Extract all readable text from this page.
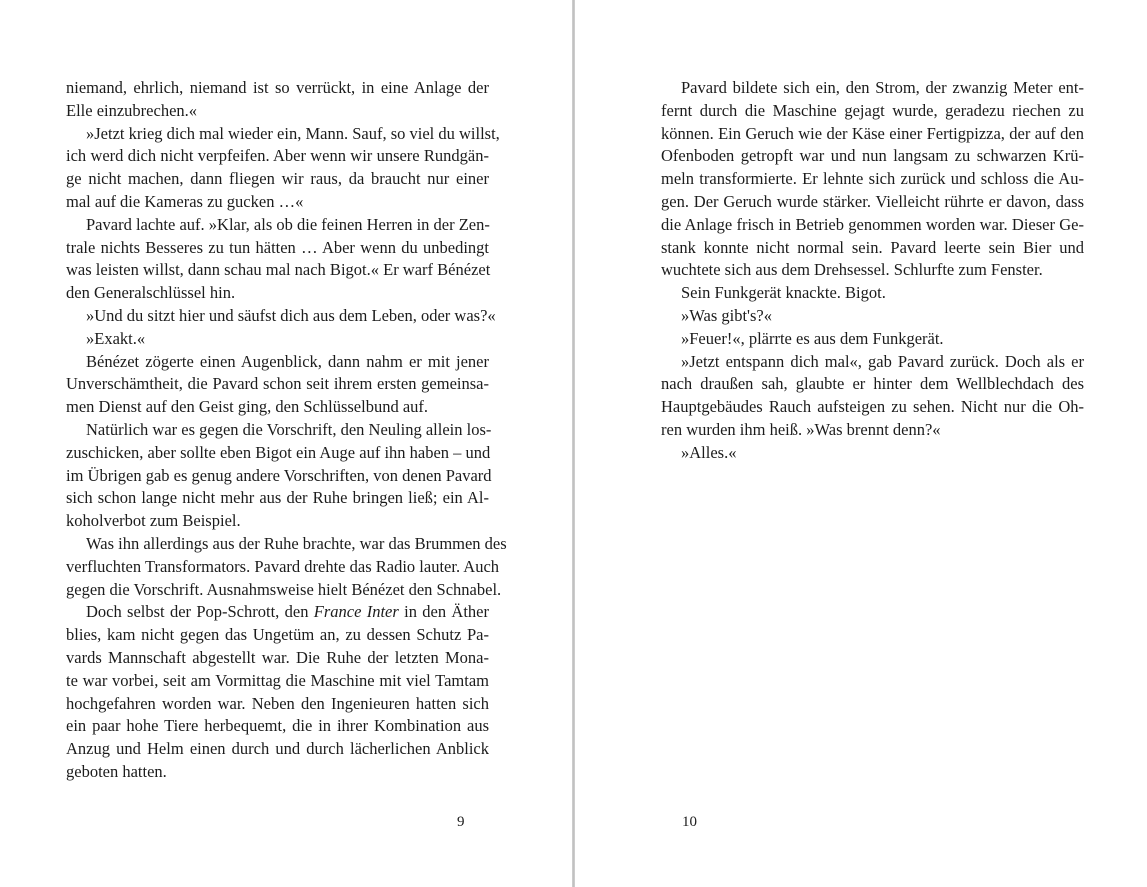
niemand, ehrlich, niemand ist so verrückt, in eine Anlage der
Elle einzubrechen.«
»Jetzt krieg dich mal wieder ein, Mann. Sauf, so viel du willst,
ich werd dich nicht verpfeifen. Aber wenn wir unsere Rundgän-
ge nicht machen, dann fliegen wir raus, da braucht nur einer
mal auf die Kameras zu gucken …«
Pavard lachte auf. »Klar, als ob die feinen Herren in der Zen-
trale nichts Besseres zu tun hätten … Aber wenn du unbedingt
was leisten willst, dann schau mal nach Bigot.« Er warf Bénézet
den Generalschlüssel hin.
»Und du sitzt hier und säufst dich aus dem Leben, oder was?«
»Exakt.«
Bénézet zögerte einen Augenblick, dann nahm er mit jener
Unverschämtheit, die Pavard schon seit ihrem ersten gemeinsa-
men Dienst auf den Geist ging, den Schlüsselbund auf.
Natürlich war es gegen die Vorschrift, den Neuling allein los-
zuschicken, aber sollte eben Bigot ein Auge auf ihn haben – und
im Übrigen gab es genug andere Vorschriften, von denen Pavard
sich schon lange nicht mehr aus der Ruhe bringen ließ; ein Al-
koholverbot zum Beispiel.
Was ihn allerdings aus der Ruhe brachte, war das Brummen des
verfluchten Transformators. Pavard drehte das Radio lauter. Auch
gegen die Vorschrift. Ausnahmsweise hielt Bénézet den Schnabel.
Doch selbst der Pop-Schrott, den France Inter in den Äther
blies, kam nicht gegen das Ungetüm an, zu dessen Schutz Pa-
vards Mannschaft abgestellt war. Die Ruhe der letzten Mona-
te war vorbei, seit am Vormittag die Maschine mit viel Tamtam
hochgefahren worden war. Neben den Ingenieuren hatten sich
ein paar hohe Tiere herbequemt, die in ihrer Kombination aus
Anzug und Helm einen durch und durch lächerlichen Anblick
geboten hatten.
9
Pavard bildete sich ein, den Strom, der zwanzig Meter ent-
fernt durch die Maschine gejagt wurde, geradezu riechen zu
können. Ein Geruch wie der Käse einer Fertigpizza, der auf den
Ofenboden getropft war und nun langsam zu schwarzen Krü-
meln transformierte. Er lehnte sich zurück und schloss die Au-
gen. Der Geruch wurde stärker. Vielleicht rührte er davon, dass
die Anlage frisch in Betrieb genommen worden war. Dieser Ge-
stank konnte nicht normal sein. Pavard leerte sein Bier und
wuchtete sich aus dem Drehsessel. Schlurfte zum Fenster.
Sein Funkgerät knackte. Bigot.
»Was gibt's?«
»Feuer!«, plärrte es aus dem Funkgerät.
»Jetzt entspann dich mal«, gab Pavard zurück. Doch als er
nach draußen sah, glaubte er hinter dem Wellblechdach des
Hauptgebäudes Rauch aufsteigen zu sehen. Nicht nur die Oh-
ren wurden ihm heiß. »Was brennt denn?«
»Alles.«
10
